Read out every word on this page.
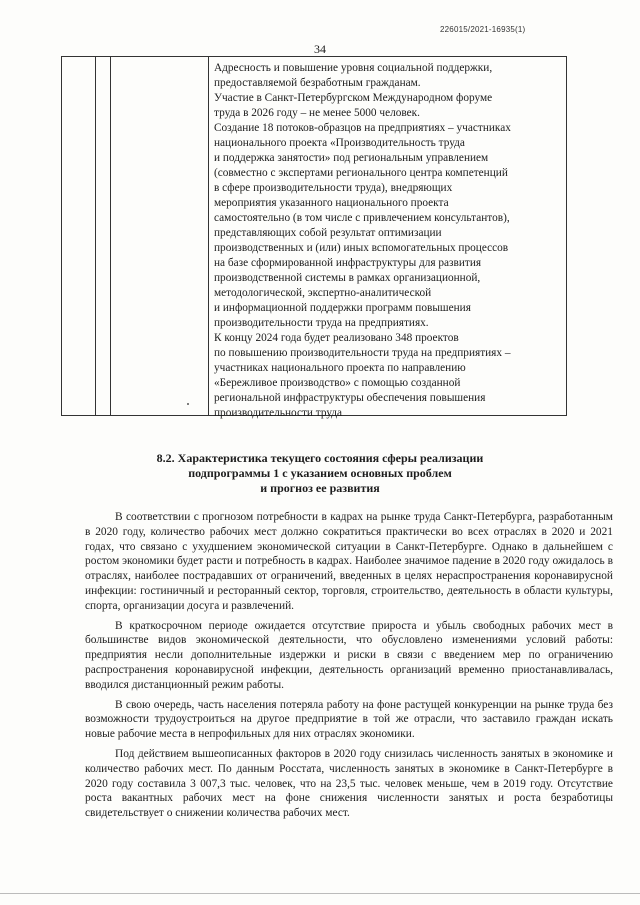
226015/2021-16935(1)
34
Адресность и повышение уровня социальной поддержки,
предоставляемой безработным гражданам.
Участие в Санкт-Петербургском Международном форуме
труда в 2026 году – не менее 5000 человек.
Создание 18 потоков-образцов на предприятиях – участниках
национального проекта «Производительность труда
и поддержка занятости» под региональным управлением
(совместно с экспертами регионального центра компетенций
в сфере производительности труда), внедряющих
мероприятия указанного национального проекта
самостоятельно (в том числе с привлечением консультантов),
представляющих собой результат оптимизации
производственных и (или) иных вспомогательных процессов
на базе сформированной инфраструктуры для развития
производственной системы в рамках организационной,
методологической, экспертно-аналитической
и информационной поддержки программ повышения
производительности труда на предприятиях.
К концу 2024 года будет реализовано 348 проектов
по повышению производительности труда на предприятиях –
участниках национального проекта по направлению
«Бережливое производство» с помощью созданной
региональной инфраструктуры обеспечения повышения
производительности труда
8.2. Характеристика текущего состояния сферы реализации
подпрограммы 1 с указанием основных проблем
и прогноз ее развития

В соответствии с прогнозом потребности в кадрах на рынке труда Санкт-Петербурга, разработанным в 2020 году, количество рабочих мест должно сократиться практически во всех отраслях в 2020 и 2021 годах, что связано с ухудшением экономической ситуации в Санкт-Петербурге. Однако в дальнейшем с ростом экономики будет расти и потребность в кадрах. Наиболее значимое падение в 2020 году ожидалось в отраслях, наиболее пострадавших от ограничений, введенных в целях нераспространения коронавирусной инфекции: гостиничный и ресторанный сектор, торговля, строительство, деятельность в области культуры, спорта, организации досуга и развлечений.

В краткосрочном периоде ожидается отсутствие прироста и убыль свободных рабочих мест в большинстве видов экономической деятельности, что обусловлено изменениями условий работы: предприятия несли дополнительные издержки и риски в связи с введением мер по ограничению распространения коронавирусной инфекции, деятельность организаций временно приостанавливалась, вводился дистанционный режим работы.

В свою очередь, часть населения потеряла работу на фоне растущей конкуренции на рынке труда без возможности трудоустроиться на другое предприятие в той же отрасли, что заставило граждан искать новые рабочие места в непрофильных для них отраслях экономики.

Под действием вышеописанных факторов в 2020 году снизилась численность занятых в экономике и количество рабочих мест. По данным Росстата, численность занятых в экономике в Санкт-Петербурге в 2020 году составила 3 007,3 тыс. человек, что на 23,5 тыс. человек меньше, чем в 2019 году. Отсутствие роста вакантных рабочих мест на фоне снижения численности занятых и роста безработицы свидетельствует о снижении количества рабочих мест.
